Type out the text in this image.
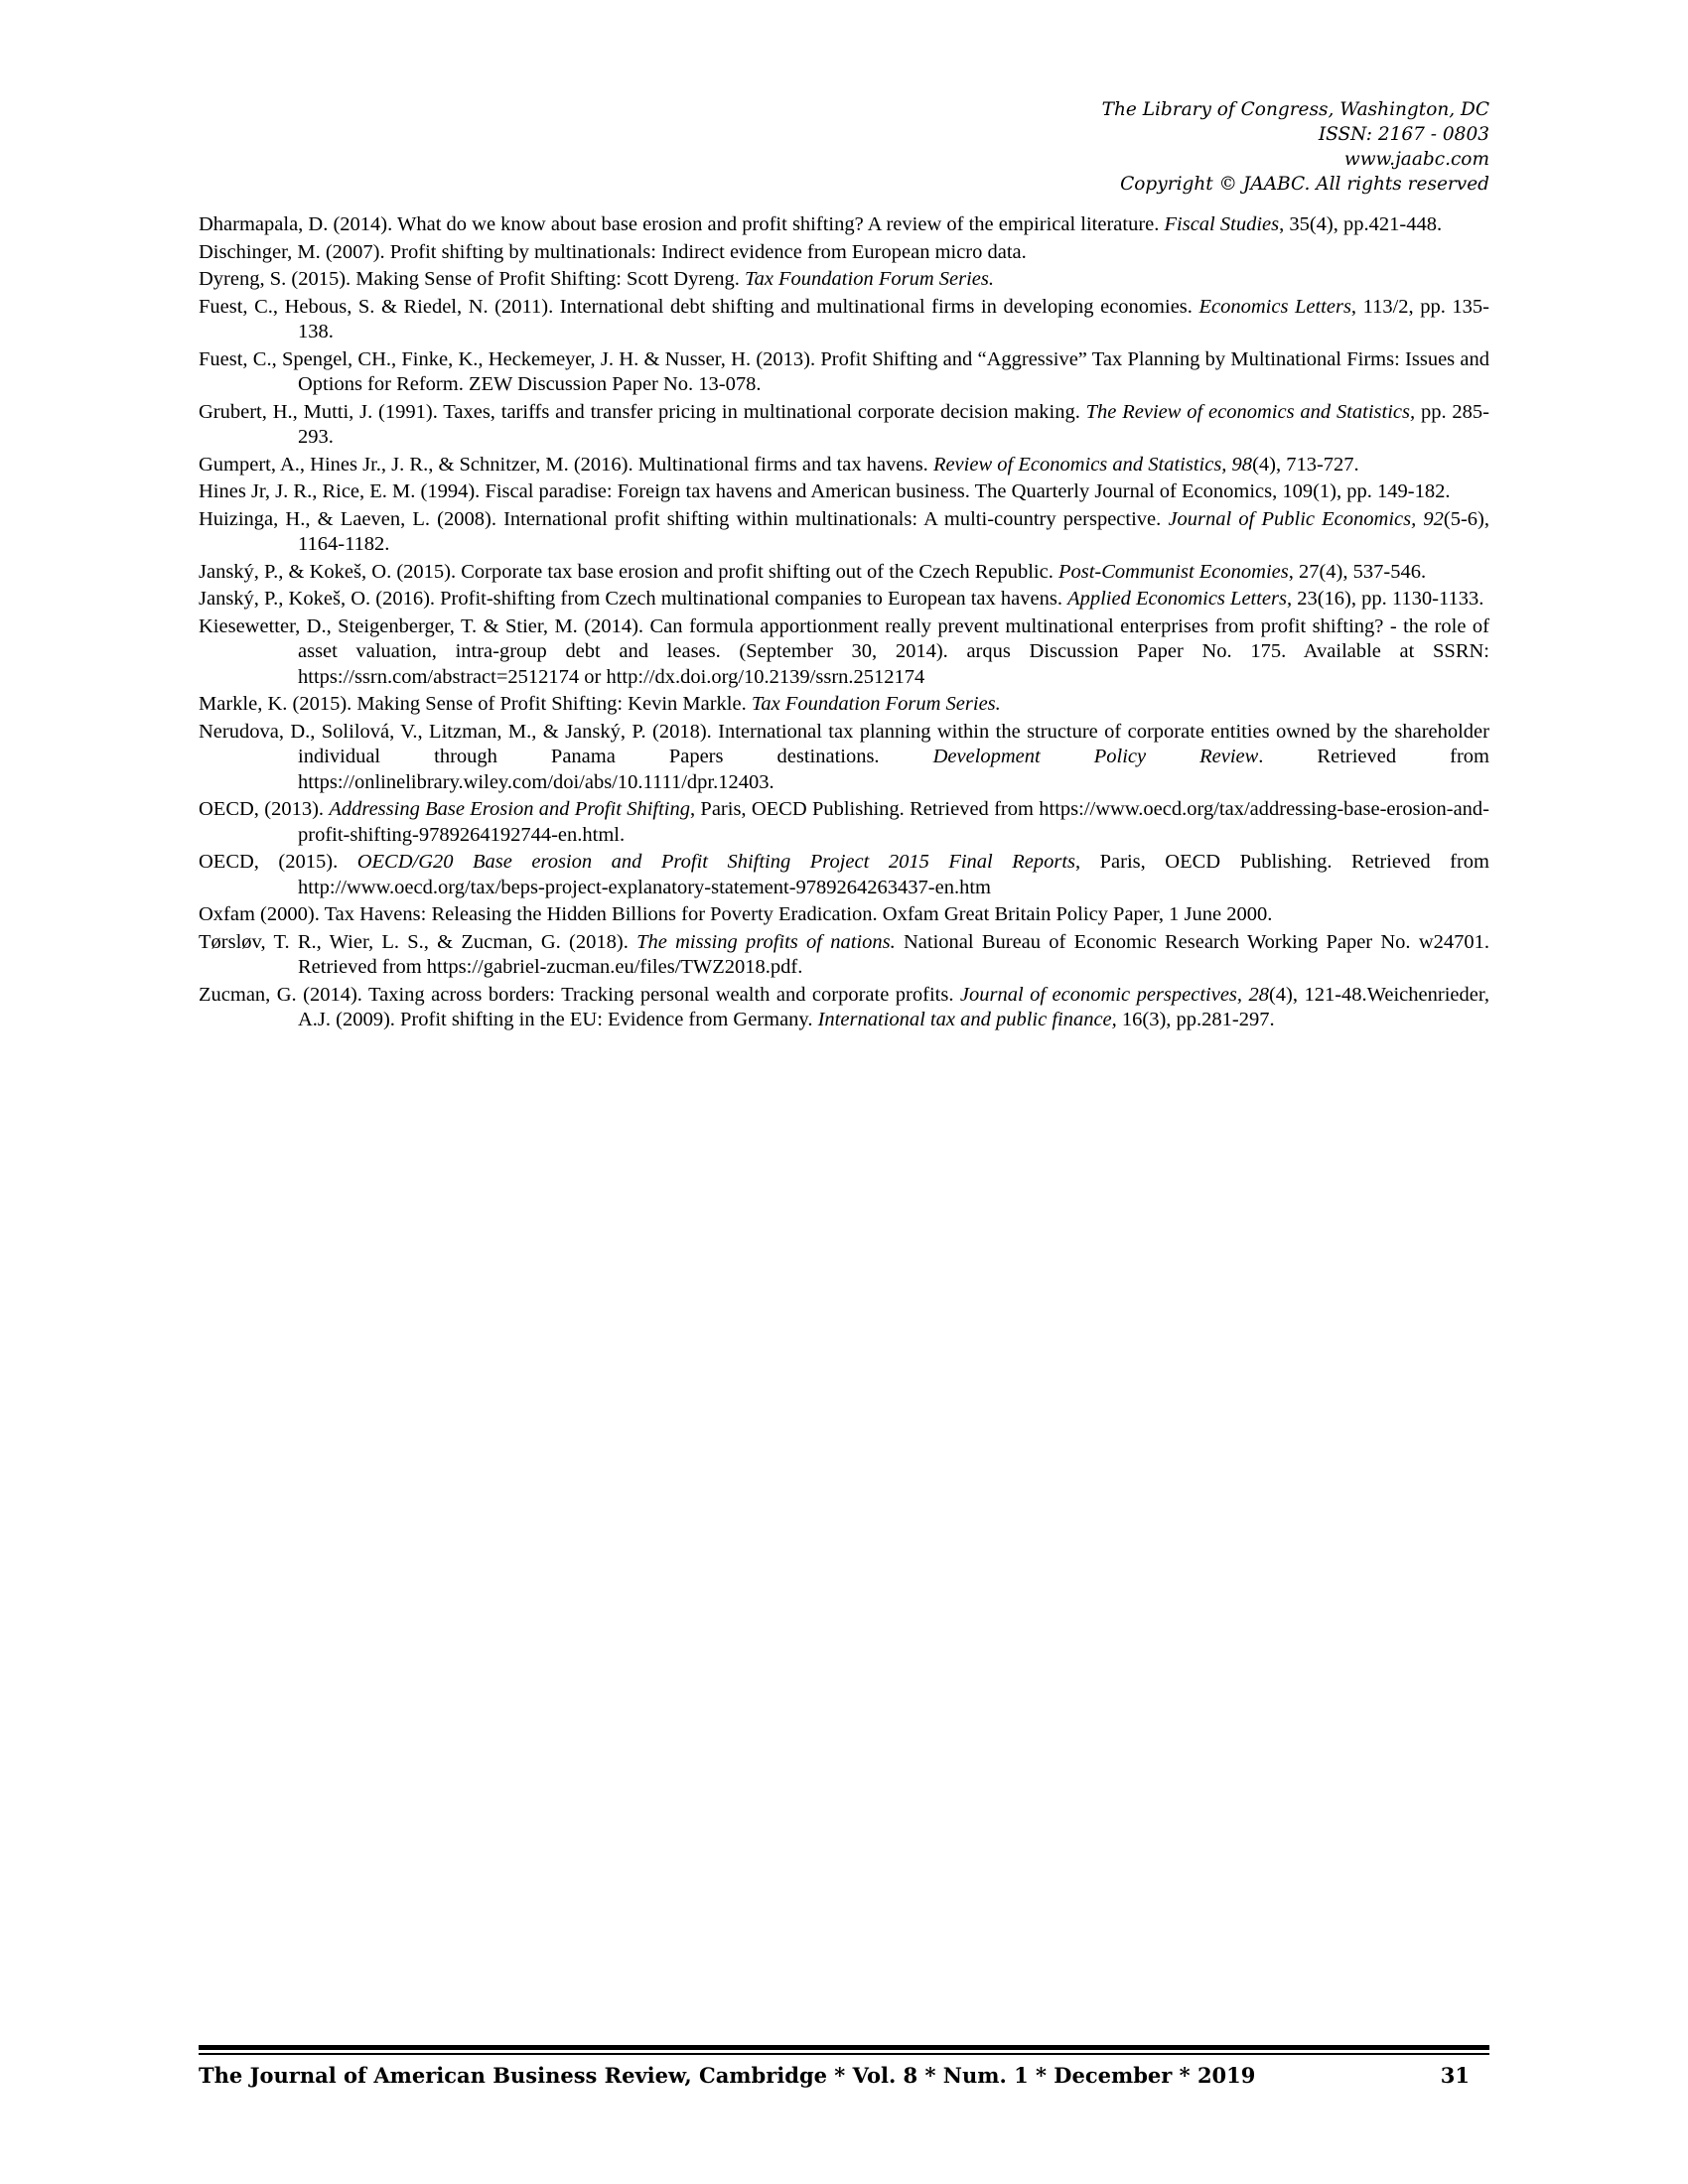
The Library of Congress, Washington, DC
ISSN: 2167 - 0803
www.jaabc.com
Copyright © JAABC. All rights reserved
Dharmapala, D. (2014). What do we know about base erosion and profit shifting? A review of the empirical literature. Fiscal Studies, 35(4), pp.421-448.
Dischinger, M. (2007). Profit shifting by multinationals: Indirect evidence from European micro data.
Dyreng, S. (2015). Making Sense of Profit Shifting: Scott Dyreng. Tax Foundation Forum Series.
Fuest, C., Hebous, S. & Riedel, N. (2011). International debt shifting and multinational firms in developing economies. Economics Letters, 113/2, pp. 135-138.
Fuest, C., Spengel, CH., Finke, K., Heckemeyer, J. H. & Nusser, H. (2013). Profit Shifting and “Aggressive” Tax Planning by Multinational Firms: Issues and Options for Reform. ZEW Discussion Paper No. 13-078.
Grubert, H., Mutti, J. (1991). Taxes, tariffs and transfer pricing in multinational corporate decision making. The Review of economics and Statistics, pp. 285-293.
Gumpert, A., Hines Jr., J. R., & Schnitzer, M. (2016). Multinational firms and tax havens. Review of Economics and Statistics, 98(4), 713-727.
Hines Jr, J. R., Rice, E. M. (1994). Fiscal paradise: Foreign tax havens and American business. The Quarterly Journal of Economics, 109(1), pp. 149-182.
Huizinga, H., & Laeven, L. (2008). International profit shifting within multinationals: A multi-country perspective. Journal of Public Economics, 92(5-6), 1164-1182.
Janský, P., & Kokeš, O. (2015). Corporate tax base erosion and profit shifting out of the Czech Republic. Post-Communist Economies, 27(4), 537-546.
Janský, P., Kokeš, O. (2016). Profit-shifting from Czech multinational companies to European tax havens. Applied Economics Letters, 23(16), pp. 1130-1133.
Kiesewetter, D., Steigenberger, T. & Stier, M. (2014). Can formula apportionment really prevent multinational enterprises from profit shifting? - the role of asset valuation, intra-group debt and leases. (September 30, 2014). arqus Discussion Paper No. 175. Available at SSRN: https://ssrn.com/abstract=2512174 or http://dx.doi.org/10.2139/ssrn.2512174
Markle, K. (2015). Making Sense of Profit Shifting: Kevin Markle. Tax Foundation Forum Series.
Nerudova, D., Solilová, V., Litzman, M., & Janský, P. (2018). International tax planning within the structure of corporate entities owned by the shareholder individual through Panama Papers destinations. Development Policy Review. Retrieved from https://onlinelibrary.wiley.com/doi/abs/10.1111/dpr.12403.
OECD, (2013). Addressing Base Erosion and Profit Shifting, Paris, OECD Publishing. Retrieved from https://www.oecd.org/tax/addressing-base-erosion-and-profit-shifting-9789264192744-en.html.
OECD, (2015). OECD/G20 Base erosion and Profit Shifting Project 2015 Final Reports, Paris, OECD Publishing. Retrieved from http://www.oecd.org/tax/beps-project-explanatory-statement-9789264263437-en.htm
Oxfam (2000). Tax Havens: Releasing the Hidden Billions for Poverty Eradication. Oxfam Great Britain Policy Paper, 1 June 2000.
Tørsløv, T. R., Wier, L. S., & Zucman, G. (2018). The missing profits of nations. National Bureau of Economic Research Working Paper No. w24701. Retrieved from https://gabriel-zucman.eu/files/TWZ2018.pdf.
Zucman, G. (2014). Taxing across borders: Tracking personal wealth and corporate profits. Journal of economic perspectives, 28(4), 121-48.Weichenrieder, A.J. (2009). Profit shifting in the EU: Evidence from Germany. International tax and public finance, 16(3), pp.281-297.
The Journal of American Business Review, Cambridge * Vol. 8 * Num. 1 * December * 2019	31
